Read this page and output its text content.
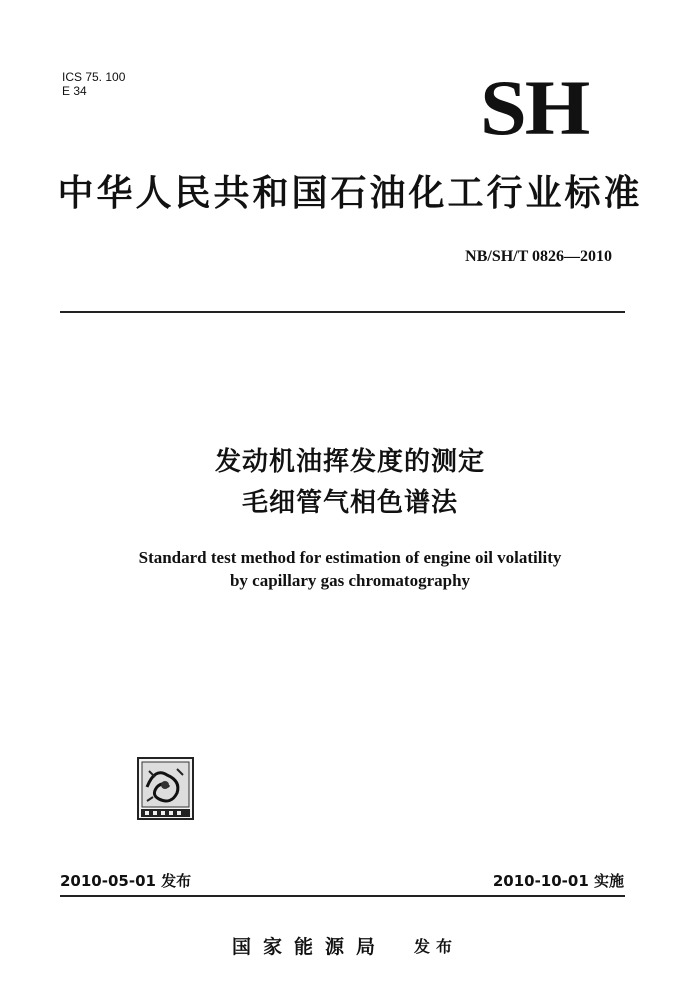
ICS 75. 100
E 34	SH
中华人民共和国石油化工行业标准
NB/SH/T 0826—2010
发动机油挥发度的测定
毛细管气相色谱法
Standard test method for estimation of engine oil volatility
by capillary gas chromatography
2010-05-01 发布	2010-10-01 实施
国家能源局 发布
